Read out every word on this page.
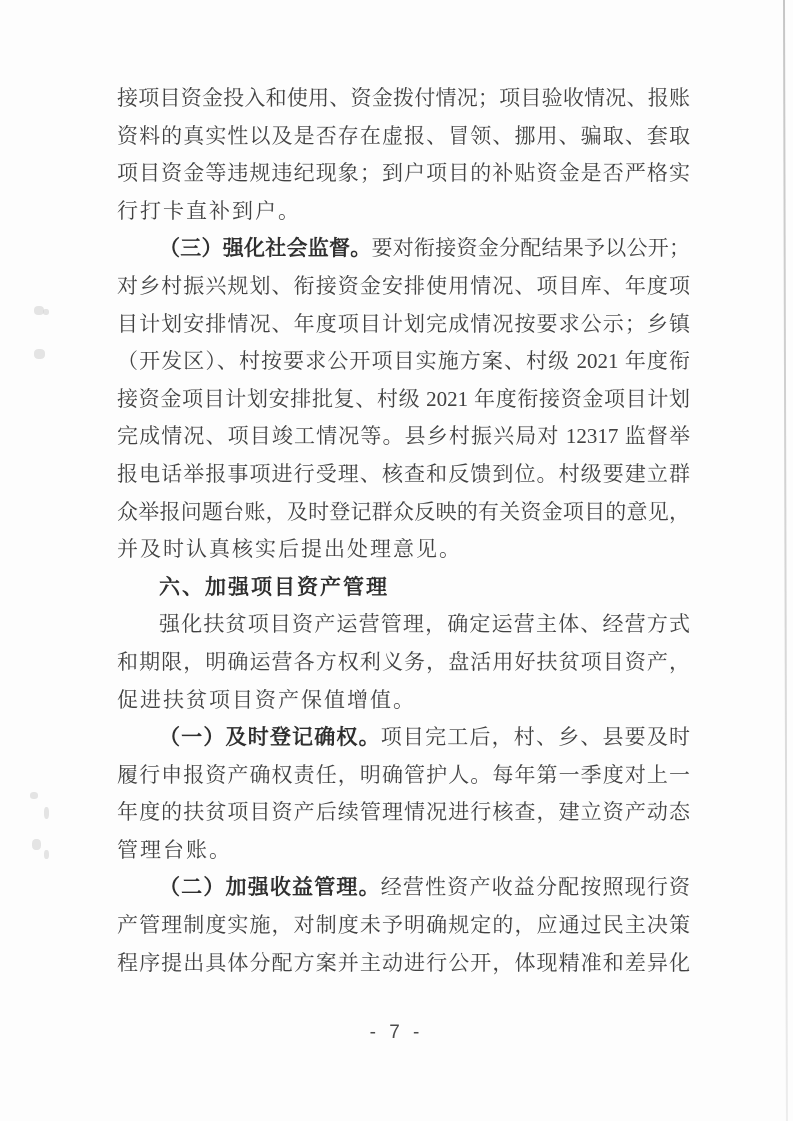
接项目资金投入和使用、资金拨付情况；项目验收情况、报账
资料的真实性以及是否存在虚报、冒领、挪用、骗取、套取
项目资金等违规违纪现象；到户项目的补贴资金是否严格实
行打卡直补到户。
（三）强化社会监督。要对衔接资金分配结果予以公开；
对乡村振兴规划、衔接资金安排使用情况、项目库、年度项
目计划安排情况、年度项目计划完成情况按要求公示；乡镇
（开发区）、村按要求公开项目实施方案、村级 2021 年度衔
接资金项目计划安排批复、村级 2021 年度衔接资金项目计划
完成情况、项目竣工情况等。县乡村振兴局对 12317 监督举
报电话举报事项进行受理、核查和反馈到位。村级要建立群
众举报问题台账，及时登记群众反映的有关资金项目的意见，
并及时认真核实后提出处理意见。
六、加强项目资产管理
强化扶贫项目资产运营管理，确定运营主体、经营方式
和期限，明确运营各方权利义务，盘活用好扶贫项目资产，
促进扶贫项目资产保值增值。
（一）及时登记确权。项目完工后，村、乡、县要及时
履行申报资产确权责任，明确管护人。每年第一季度对上一
年度的扶贫项目资产后续管理情况进行核查，建立资产动态
管理台账。
（二）加强收益管理。经营性资产收益分配按照现行资
产管理制度实施，对制度未予明确规定的，应通过民主决策
程序提出具体分配方案并主动进行公开，体现精准和差异化
- 7 -
